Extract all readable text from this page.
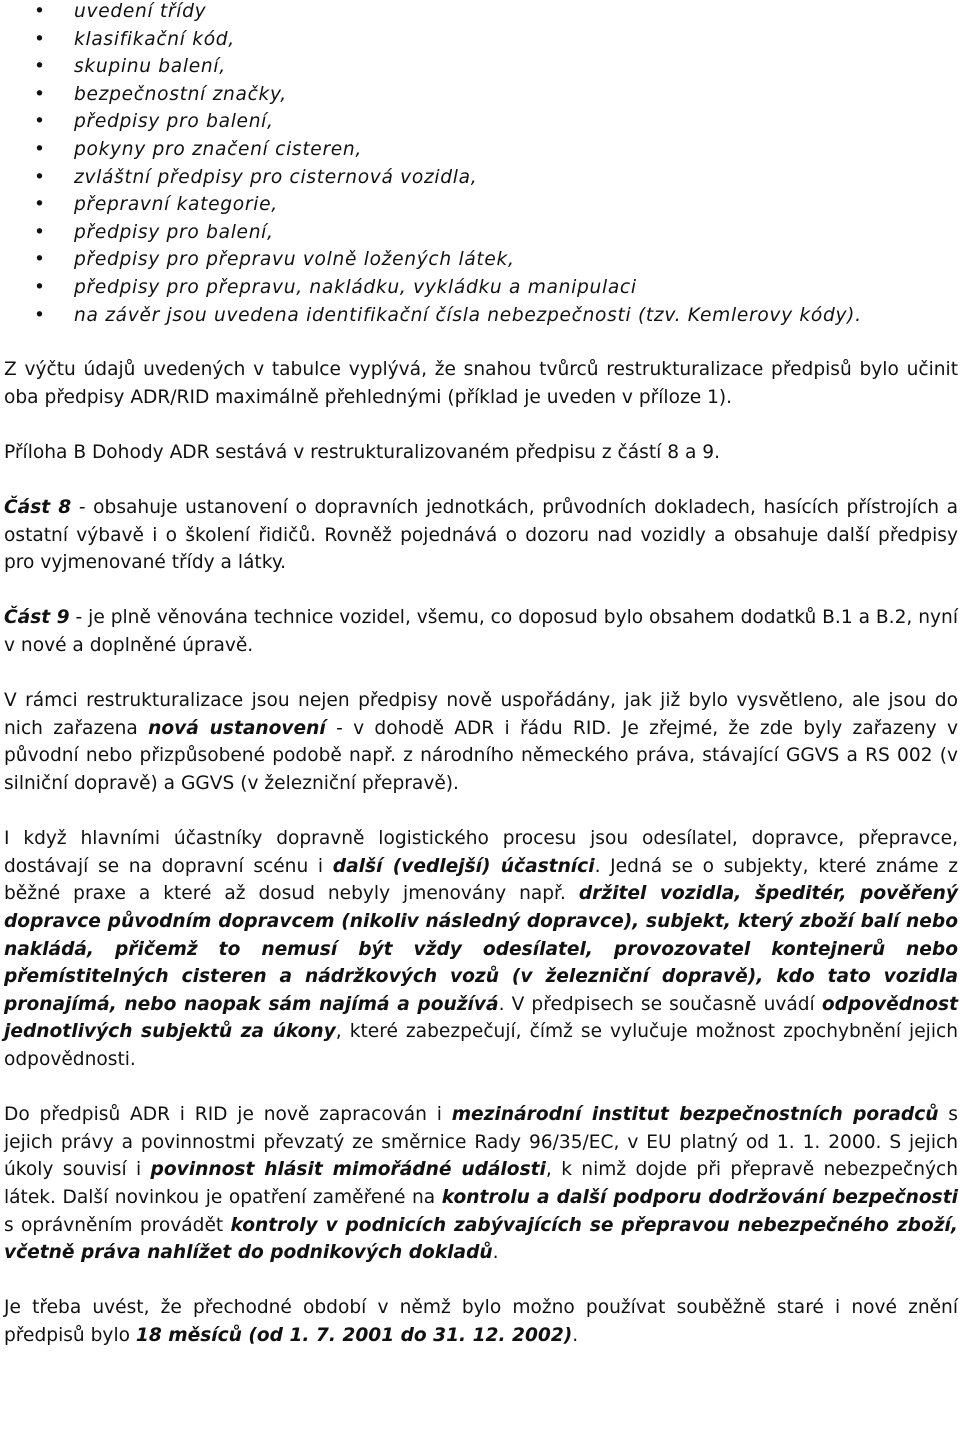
• uvedení třídy
• klasifikační kód,
• skupinu balení,
• bezpečnostní značky,
• předpisy pro balení,
• pokyny pro značení cisteren,
• zvláštní předpisy pro cisternová vozidla,
• přepravní kategorie,
• předpisy pro balení,
• předpisy pro přepravu volně ložených látek,
• předpisy pro přepravu, nakládku, vykládku a manipulaci
• na závěr jsou uvedena identifikační čísla nebezpečnosti (tzv. Kemlerovy kódy).

Z výčtu údajů uvedených v tabulce vyplývá, že snahou tvůrců restrukturalizace předpisů bylo učinit oba předpisy ADR/RID maximálně přehlednými (příklad je uveden v příloze 1).

Příloha B Dohody ADR sestává v restrukturalizovaném předpisu z částí 8 a 9.

Část 8 - obsahuje ustanovení o dopravních jednotkách, průvodních dokladech, hasících přístrojích a ostatní výbavě i o školení řidičů. Rovněž pojednává o dozoru nad vozidly a obsahuje další předpisy pro vyjmenované třídy a látky.

Část 9 - je plně věnována technice vozidel, všemu, co doposud bylo obsahem dodatků B.1 a B.2, nyní v nové a doplněné úpravě.

V rámci restrukturalizace jsou nejen předpisy nově uspořádány, jak již bylo vysvětleno, ale jsou do nich zařazena nová ustanovení - v dohodě ADR i řádu RID. Je zřejmé, že zde byly zařazeny v původní nebo přizpůsobené podobě např. z národního německého práva, stávající GGVS a RS 002 (v silniční dopravě) a GGVS (v železniční přepravě).

I když hlavními účastníky dopravně logistického procesu jsou odesílatel, dopravce, přepravce, dostávají se na dopravní scénu i další (vedlejší) účastníci. Jedná se o subjekty, které známe z běžné praxe a které až dosud nebyly jmenovány např. držitel vozidla, špeditér, pověřený dopravce původním dopravcem (nikoliv následný dopravce), subjekt, který zboží balí nebo nakládá, přičemž to nemusí být vždy odesílatel, provozovatel kontejnerů nebo přemístitelných cisteren a nádržkových vozů (v železniční dopravě), kdo tato vozidla pronajímá, nebo naopak sám najímá a používá. V předpisech se současně uvádí odpovědnost jednotlivých subjektů za úkony, které zabezpečují, čímž se vylučuje možnost zpochybnění jejich odpovědnosti.

Do předpisů ADR i RID je nově zapracován i mezinárodní institut bezpečnostních poradců s jejich právy a povinnostmi převzatý ze směrnice Rady 96/35/EC, v EU platný od 1. 1. 2000. S jejich úkoly souvisí i povinnost hlásit mimořádné události, k nimž dojde při přepravě nebezpečných látek. Další novinkou je opatření zaměřené na kontrolu a další podporu dodržování bezpečnosti s oprávněním provádět kontroly v podnicích zabývajících se přepravou nebezpečného zboží, včetně práva nahlížet do podnikových dokladů.

Je třeba uvést, že přechodné období v němž bylo možno používat souběžně staré i nové znění předpisů bylo 18 měsíců (od 1. 7. 2001 do 31. 12. 2002).
